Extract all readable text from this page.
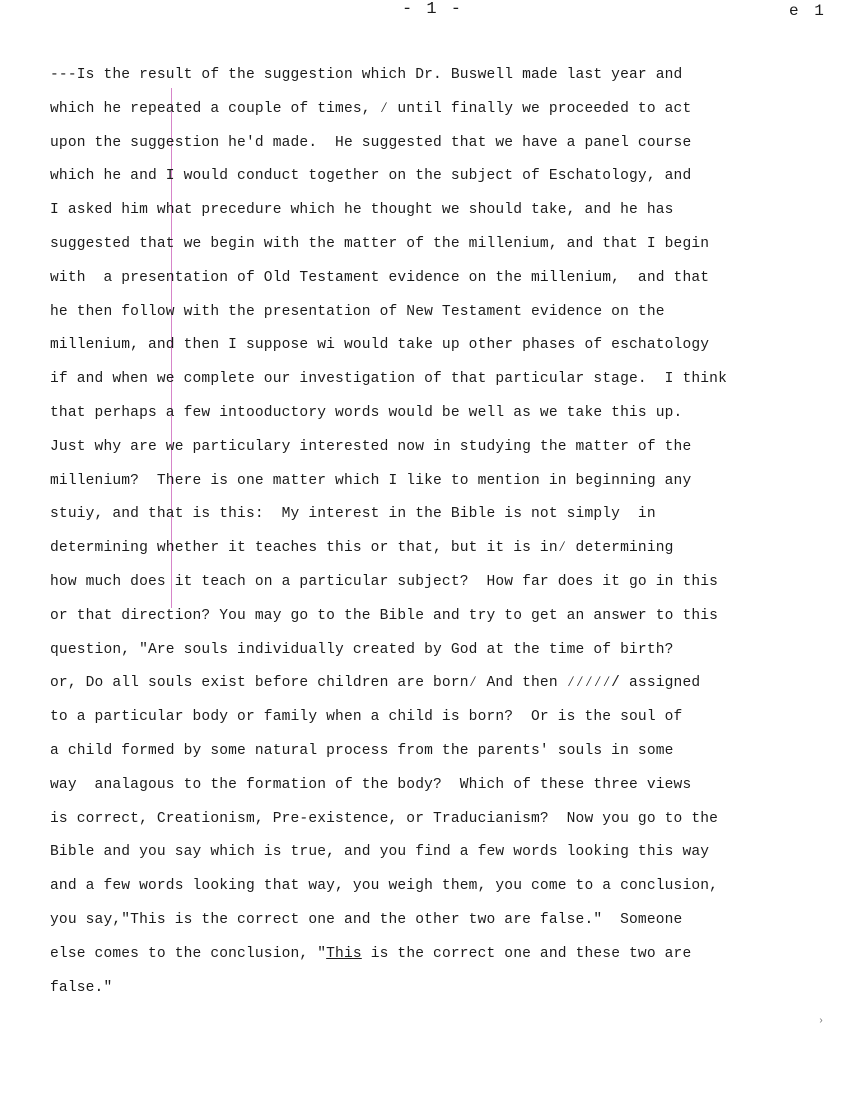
- 1 -	e 1
---Is the result of the suggestion which Dr. Buswell made last year and
which he repeated a couple of times, ∕ until finally we proceeded to act
upon the suggestion he'd made.  He suggested that we have a panel course
which he and I would conduct together on the subject of Eschatology, and
I asked him what precedure which he thought we should take, and he has
suggested that we begin with the matter of the millenium, and that I begin
with  a presentation of Old Testament evidence on the millenium,  and that
he then follow with the presentation of New Testament evidence on the
millenium, and then I suppose wi would take up other phases of eschatology
if and when we complete our investigation of that particular stage.  I think
that perhaps a few intooductory words would be well as we take this up.
Just why are we particulary interested now in studying the matter of the
millenium?  There is one matter which I like to mention in beginning any
stuiy, and that is this:  My interest in the Bible is not simply  in
determining whether it teaches this or that, but it is in∕ determining
how much does it teach on a particular subject?  How far does it go in this
or that direction? You may go to the Bible and try to get an answer to this
question, "Are souls individually created by God at the time of birth?
or, Do all souls exist before children are born∕ And then ∕∕∕∕∕/ assigned
to a particular body or family when a child is born?  Or is the soul of
a child formed by some natural process from the parents' souls in some
way  analagous to the formation of the body?  Which of these three views
is correct, Creationism, Pre-existence, or Traducianism?  Now you go to the
Bible and you say which is true, and you find a few words looking this way
and a few words looking that way, you weigh them, you come to a conclusion,
you say,"This is the correct one and the other two are false."  Someone
else comes to the conclusion, "This is the correct one and these two are
false."
›
